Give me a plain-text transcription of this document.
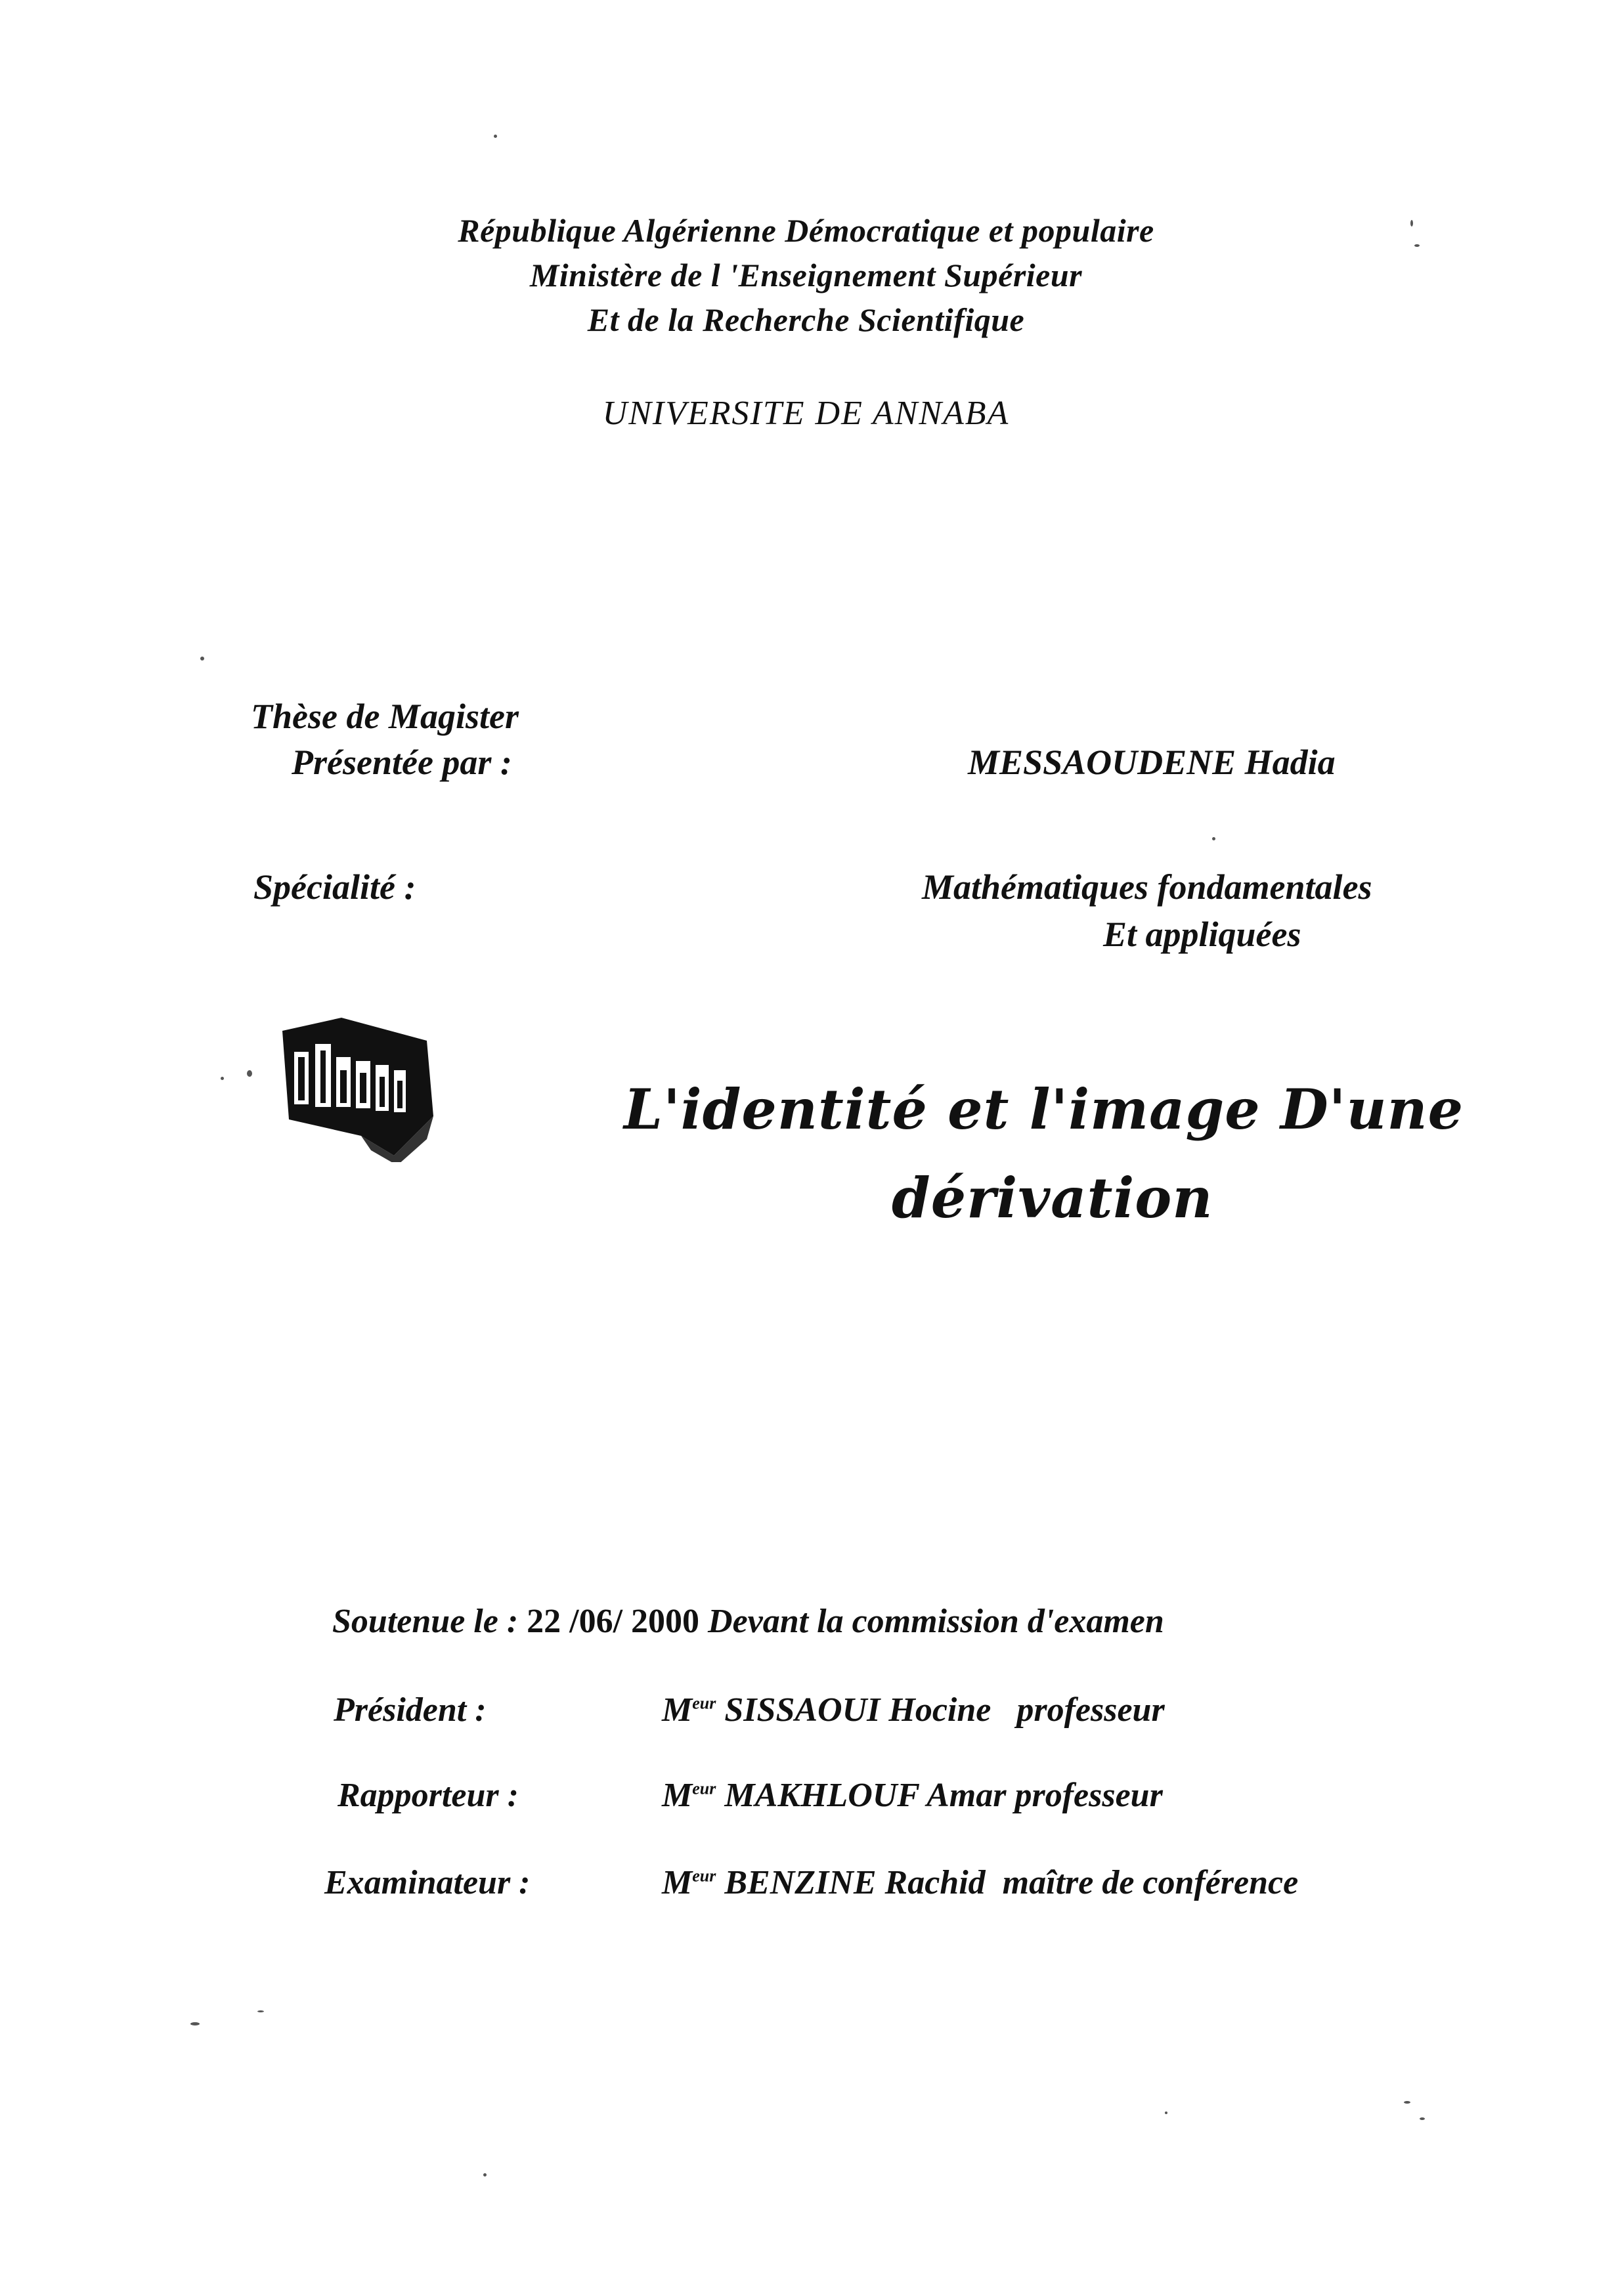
République Algérienne Démocratique et populaire
Ministère de l 'Enseignement Supérieur
Et de la Recherche Scientifique
UNIVERSITE DE ANNABA
Thèse de Magister
Présentée par :	MESSAOUDENE Hadia
Spécialité :	Mathématiques fondamentales
Et appliquées
L'identité et l'image D'une
dérivation
Soutenue le : 22 /06/ 2000 Devant la commission d'examen
Président :	$M^{eur}$ SISSAOUI Hocine professeur
Rapporteur :	$M^{eur}$ MAKHLOUF Amar professeur
Examinateur :	$M^{eur}$ BENZINE Rachid maître de conférence
